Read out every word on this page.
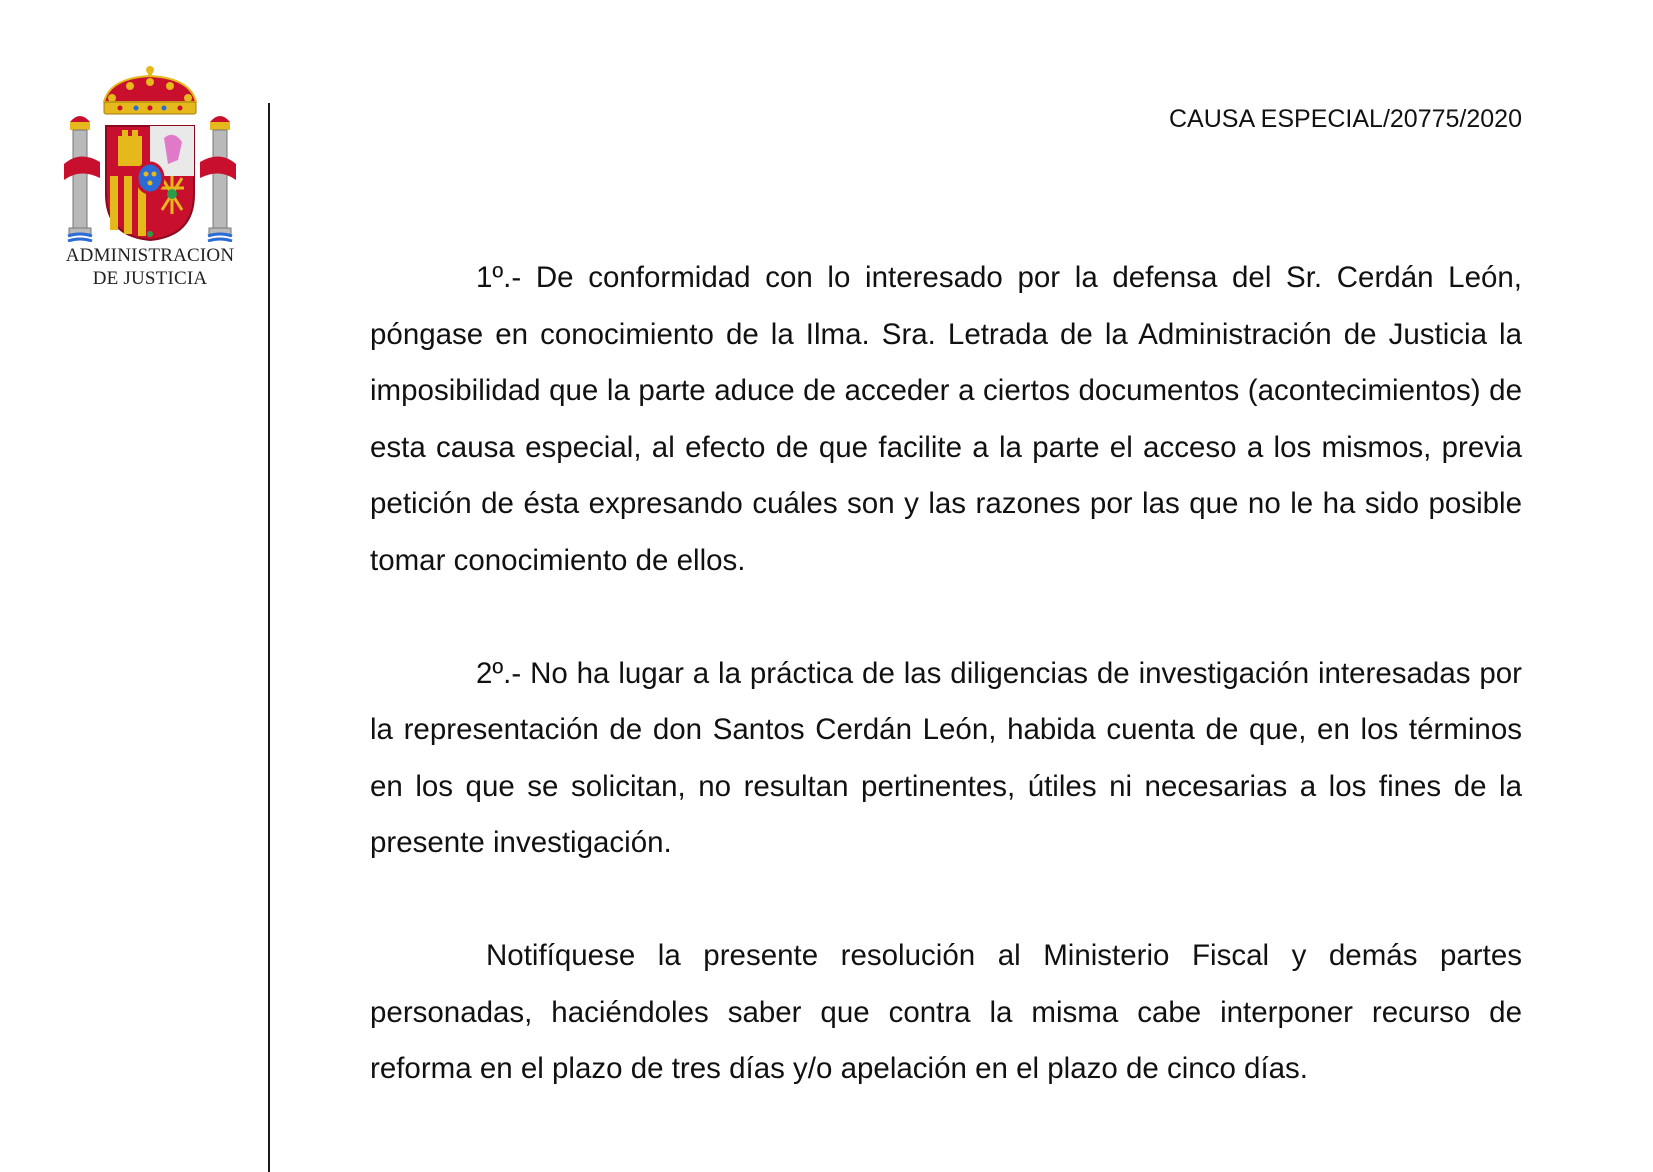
ADMINISTRACION
DE JUSTICIA
CAUSA ESPECIAL/20775/2020

1º.- De conformidad con lo interesado por la defensa del Sr. Cerdán León, póngase en conocimiento de la Ilma. Sra. Letrada de la Administración de Justicia la imposibilidad que la parte aduce de acceder a ciertos documentos (acontecimientos) de esta causa especial, al efecto de que facilite a la parte el acceso a los mismos, previa petición de ésta expresando cuáles son y las razones por las que no le ha sido posible tomar conocimiento de ellos.

2º.- No ha lugar a la práctica de las diligencias de investigación interesadas por la representación de don Santos Cerdán León, habida cuenta de que, en los términos en los que se solicitan, no resultan pertinentes, útiles ni necesarias a los fines de la presente investigación.

Notifíquese la presente resolución al Ministerio Fiscal y demás partes personadas, haciéndoles saber que contra la misma cabe interponer recurso de reforma en el plazo de tres días y/o apelación en el plazo de cinco días.
